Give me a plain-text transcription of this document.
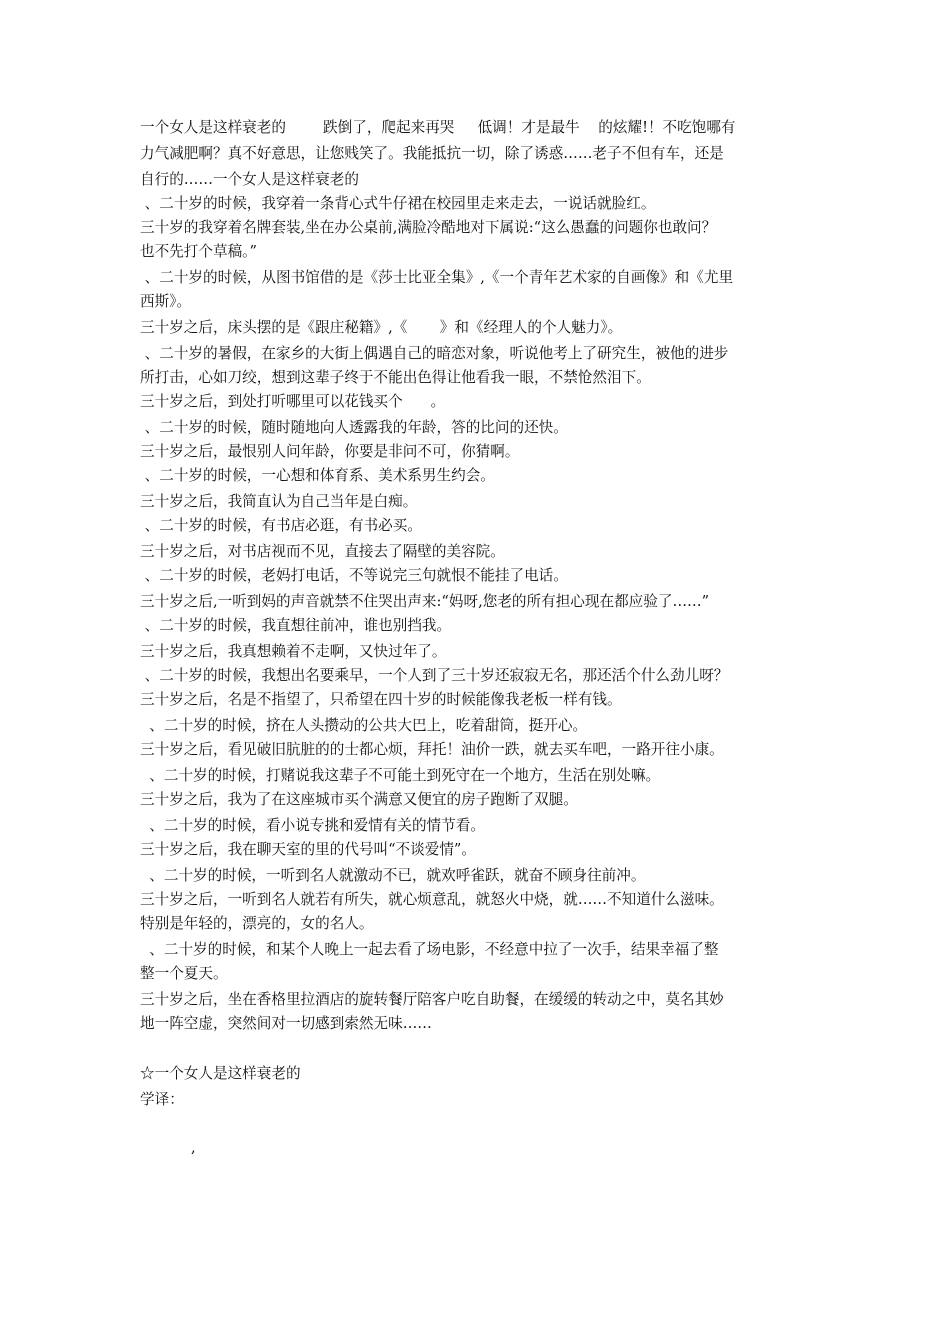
一个女人是这样衰老的        跌倒了，爬起来再哭     低调！才是最牛    的炫耀!！不吃饱哪有
力气减肥啊？真不好意思，让您贱笑了。我能抵抗一切，除了诱惑……老子不但有车，还是
自行的……一个女人是这样衰老的
、二十岁的时候，我穿着一条背心式牛仔裙在校园里走来走去，一说话就脸红。
三十岁的我穿着名牌套装,坐在办公桌前,满脸冷酷地对下属说:“这么愚蠢的问题你也敢问？
也不先打个草稿。”
、二十岁的时候，从图书馆借的是《莎士比亚全集》,《一个青年艺术家的自画像》和《尤里
西斯》。
三十岁之后，床头摆的是《跟庄秘籍》,《       》和《经理人的个人魅力》。
、二十岁的暑假，在家乡的大街上偶遇自己的暗恋对象，听说他考上了研究生，被他的进步
所打击，心如刀绞，想到这辈子终于不能出色得让他看我一眼，不禁怆然泪下。
三十岁之后，到处打听哪里可以花钱买个      。
、二十岁的时候，随时随地向人透露我的年龄，答的比问的还快。
三十岁之后，最恨别人问年龄，你要是非问不可，你猜啊。
、二十岁的时候，一心想和体育系、美术系男生约会。
三十岁之后，我简直认为自己当年是白痴。
、二十岁的时候，有书店必逛，有书必买。
三十岁之后，对书店视而不见，直接去了隔壁的美容院。
、二十岁的时候，老妈打电话，不等说完三句就恨不能挂了电话。
三十岁之后,一听到妈的声音就禁不住哭出声来:“妈呀,您老的所有担心现在都应验了……”
、二十岁的时候，我直想往前冲，谁也别挡我。
三十岁之后，我真想赖着不走啊，又快过年了。
、二十岁的时候，我想出名要乘早，一个人到了三十岁还寂寂无名，那还活个什么劲儿呀？
三十岁之后，名是不指望了，只希望在四十岁的时候能像我老板一样有钱。
、二十岁的时候，挤在人头攒动的公共大巴上，吃着甜筒，挺开心。
三十岁之后，看见破旧肮脏的的士都心烦，拜托！油价一跌，就去买车吧，一路开往小康。
、二十岁的时候，打赌说我这辈子不可能土到死守在一个地方，生活在别处嘛。
三十岁之后，我为了在这座城市买个满意又便宜的房子跑断了双腿。
、二十岁的时候，看小说专挑和爱情有关的情节看。
三十岁之后，我在聊天室的里的代号叫“不谈爱情”。
、二十岁的时候，一听到名人就激动不已，就欢呼雀跃，就奋不顾身往前冲。
三十岁之后，一听到名人就若有所失，就心烦意乱，就怒火中烧，就……不知道什么滋味。
特别是年轻的，漂亮的，女的名人。
、二十岁的时候，和某个人晚上一起去看了场电影，不经意中拉了一次手，结果幸福了整
整一个夏天。
三十岁之后，坐在香格里拉酒店的旋转餐厅陪客户吃自助餐，在缓缓的转动之中，莫名其妙
地一阵空虚，突然间对一切感到索然无味……
☆一个女人是这样衰老的
学译：
,
